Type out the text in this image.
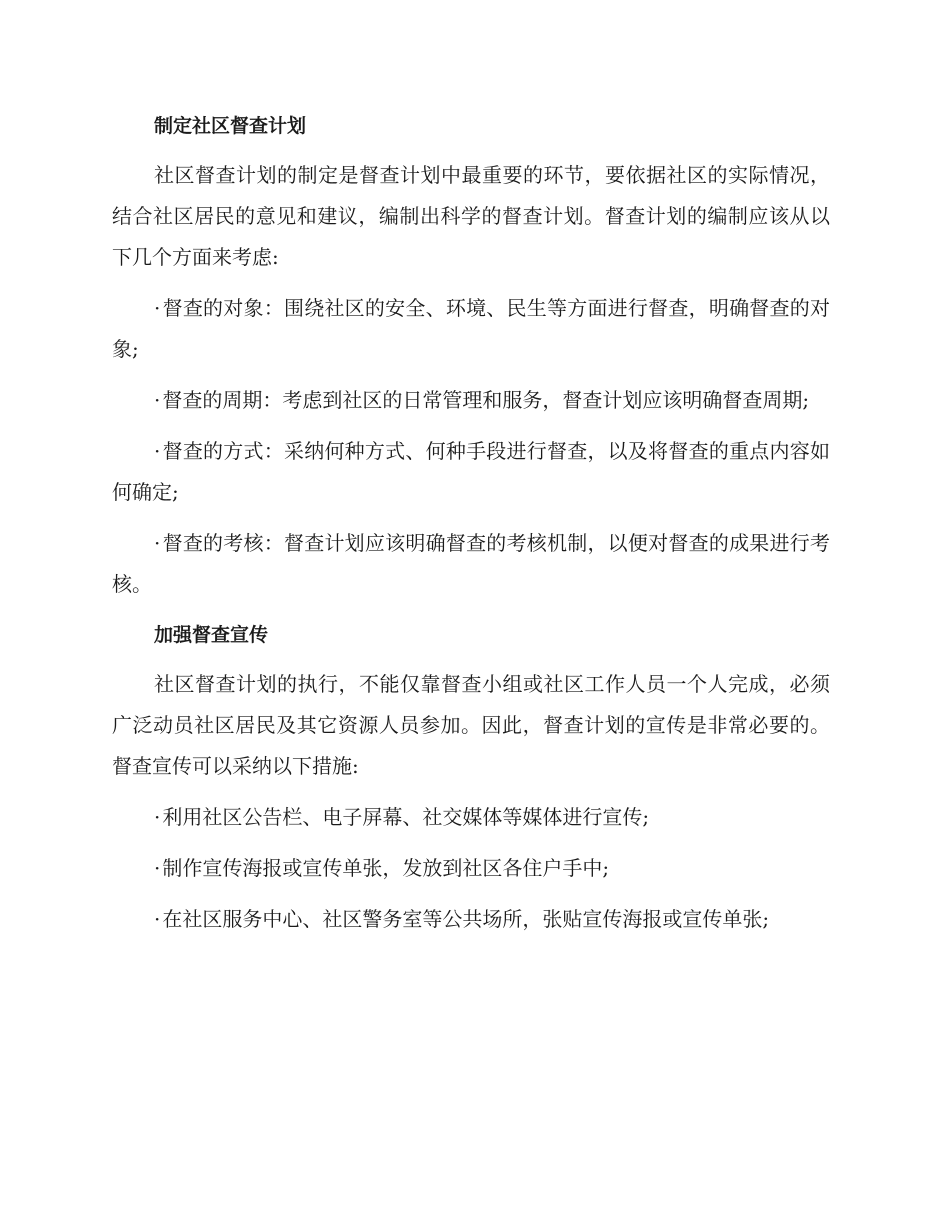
制定社区督查计划

社区督查计划的制定是督查计划中最重要的环节，要依据社区的实际情况，结合社区居民的意见和建议，编制出科学的督查计划。督查计划的编制应该从以下几个方面来考虑:

· 督查的对象：围绕社区的安全、环境、民生等方面进行督查，明确督查的对象;

· 督查的周期：考虑到社区的日常管理和服务，督查计划应该明确督查周期;

· 督查的方式：采纳何种方式、何种手段进行督查，以及将督查的重点内容如何确定;

· 督查的考核：督查计划应该明确督查的考核机制，以便对督查的成果进行考核。

加强督查宣传

社区督查计划的执行，不能仅靠督查小组或社区工作人员一个人完成，必须广泛动员社区居民及其它资源人员参加。因此，督查计划的宣传是非常必要的。督查宣传可以采纳以下措施:

· 利用社区公告栏、电子屏幕、社交媒体等媒体进行宣传;

· 制作宣传海报或宣传单张，发放到社区各住户手中;

· 在社区服务中心、社区警务室等公共场所，张贴宣传海报或宣传单张;
